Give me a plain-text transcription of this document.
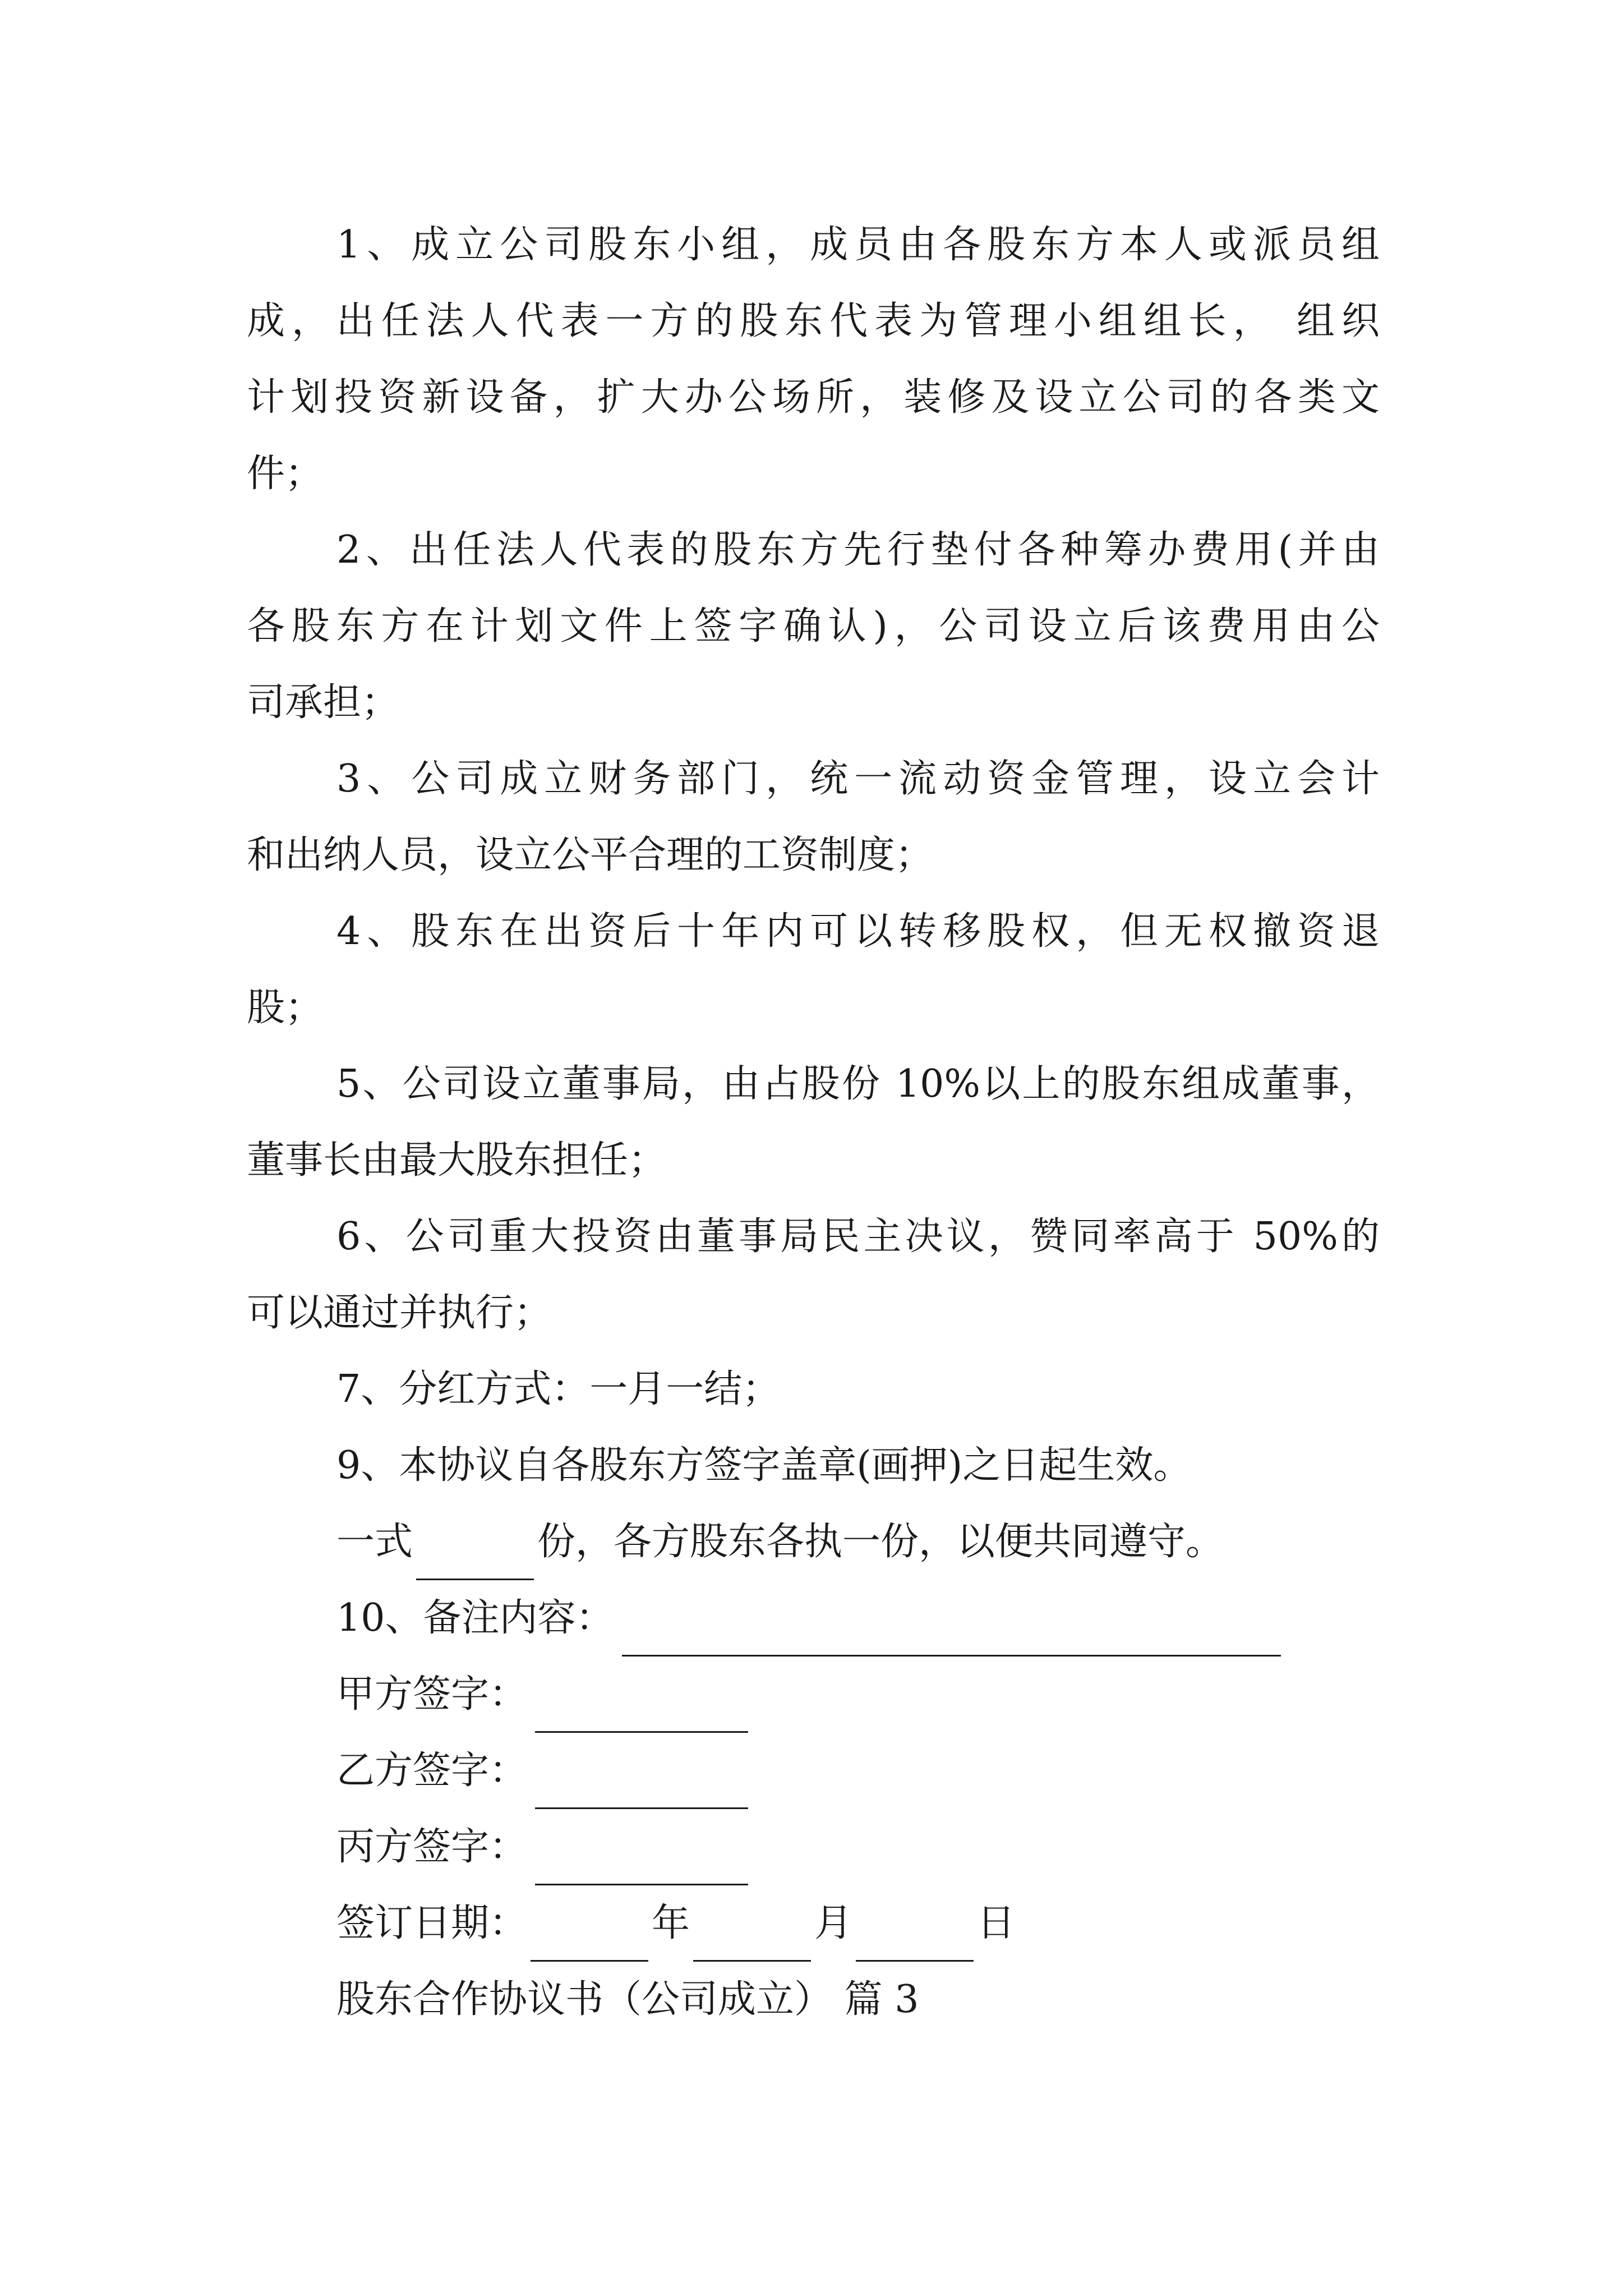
1、成立公司股东小组，成员由各股东方本人或派员组

成，出任法人代表一方的股东代表为管理小组组长， 组织

计划投资新设备，扩大办公场所，装修及设立公司的各类文

件；

2、出任法人代表的股东方先行垫付各种筹办费用(并由

各股东方在计划文件上签字确认)，公司设立后该费用由公

司承担；

3、公司成立财务部门，统一流动资金管理，设立会计

和出纳人员，设立公平合理的工资制度；

4、股东在出资后十年内可以转移股权，但无权撤资退

股；

5、公司设立董事局，由占股份 10%以上的股东组成董事，

董事长由最大股东担任；

6、公司重大投资由董事局民主决议，赞同率高于 50%的

可以通过并执行；

7、分红方式：一月一结；

9、本协议自各股东方签字盖章(画押)之日起生效。

一式	份，各方股东各执一份，以便共同遵守。
10、备注内容：
甲方签字：
乙方签字：
丙方签字：
签订日期：	年	月	日

股东合作协议书（公司成立） 篇 3
